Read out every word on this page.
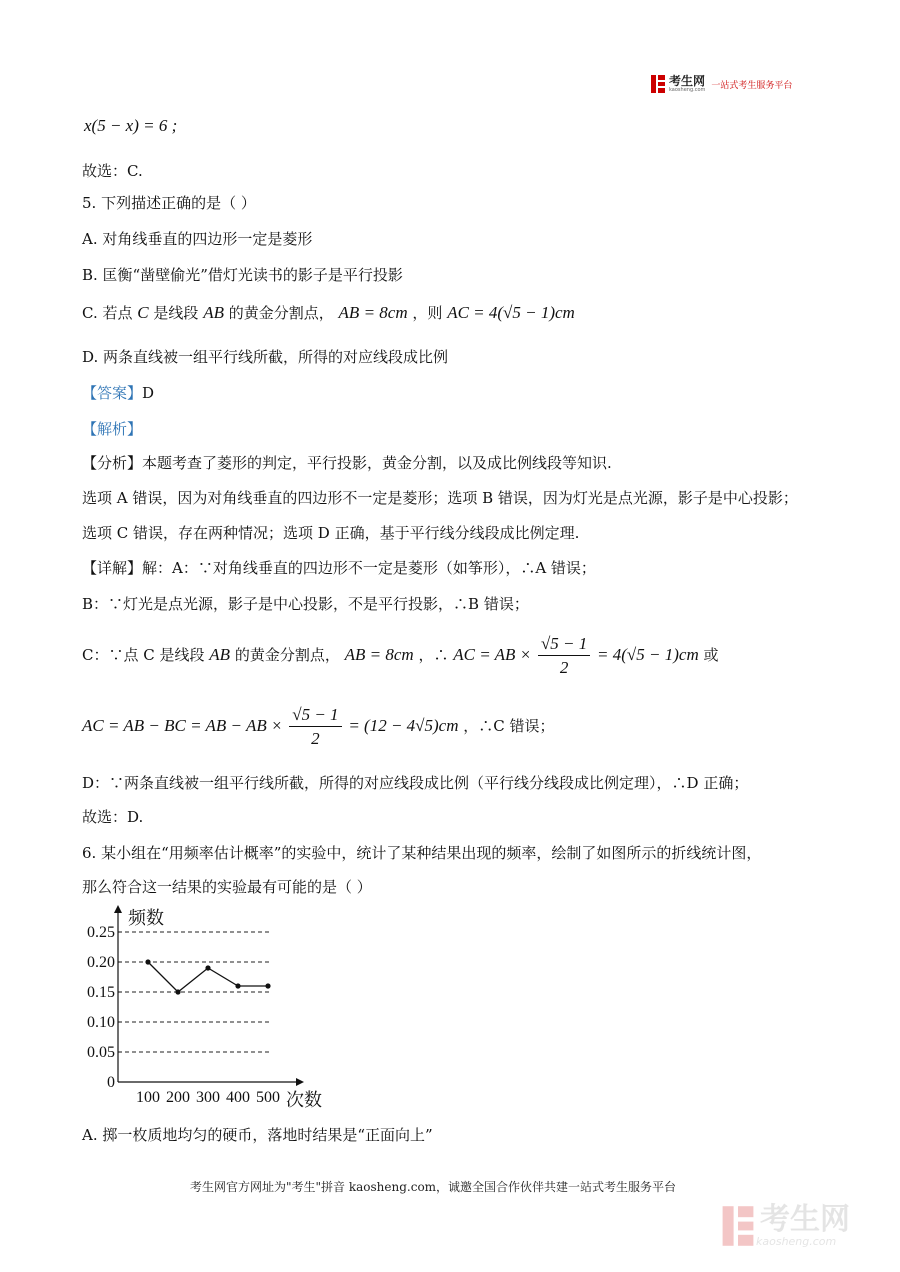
考生网
kaosheng.com 一站式考生服务平台
x(5 − x) = 6 ;
故选：C.
5. 下列描述正确的是（ ）
A. 对角线垂直的四边形一定是菱形
B. 匡衡“凿壁偷光”借灯光读书的影子是平行投影
C. 若点 C 是线段 AB 的黄金分割点， AB = 8cm ，则 AC = 4(√5 − 1)cm
D. 两条直线被一组平行线所截，所得的对应线段成比例
【答案】D
【解析】
【分析】本题考查了菱形的判定，平行投影，黄金分割，以及成比例线段等知识.
选项 A 错误，因为对角线垂直的四边形不一定是菱形；选项 B 错误，因为灯光是点光源，影子是中心投影；
选项 C 错误，存在两种情况；选项 D 正确，基于平行线分线段成比例定理.
【详解】解：A：∵对角线垂直的四边形不一定是菱形（如筝形），∴A 错误；
B：∵灯光是点光源，影子是中心投影，不是平行投影，∴B 错误；
C：∵点 C 是线段 AB 的黄金分割点， AB = 8cm ，∴ AC = AB × $\frac{√5 - 1}{2} = 4(√5 - 1)cm$ 或
AC = AB − BC = AB − AB × $\frac{√5 - 1}{2} = (12 - 4√5)cm$ ，∴C 错误；
D：∵两条直线被一组平行线所截，所得的对应线段成比例（平行线分线段成比例定理），∴D 正确；
故选：D.
6. 某小组在“用频率估计概率”的实验中，统计了某种结果出现的频率，绘制了如图所示的折线统计图，
那么符合这一结果的实验最有可能的是（ ）
0.25
0.20
0.15
0.10
0.05
0
100 200 300 400 500
频数
次数
A. 掷一枚质地均匀的硬币，落地时结果是“正面向上”
考生网官方网址为"考生"拼音 kaosheng.com，诚邀全国合作伙伴共建一站式考生服务平台
考生网
kaosheng.com
